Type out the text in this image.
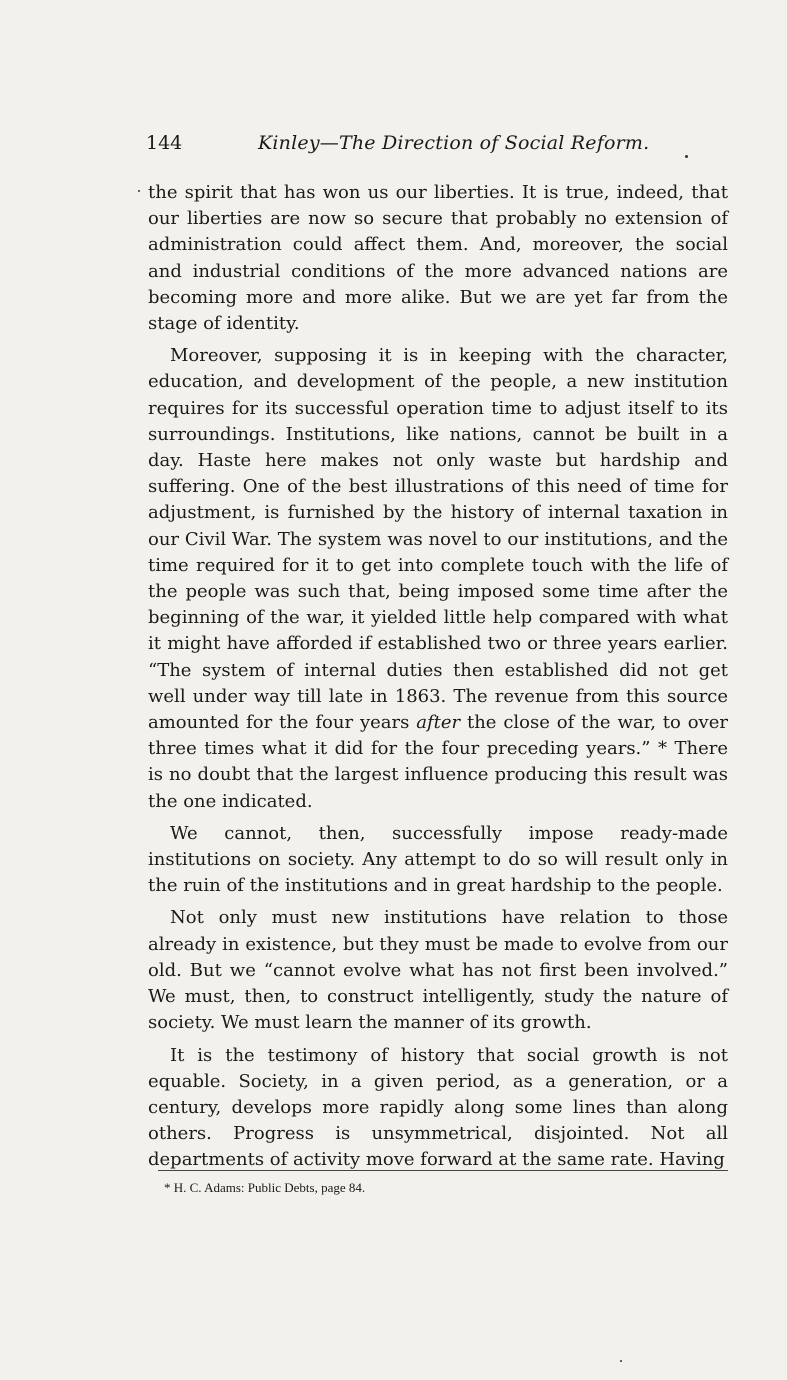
144	Kinley—The Direction of Social Reform.

the spirit that has won us our liberties. It is true, indeed, that our liberties are now so secure that probably no extension of administration could affect them. And, moreover, the social and industrial conditions of the more advanced nations are becoming more and more alike. But we are yet far from the stage of identity.

Moreover, supposing it is in keeping with the character, education, and development of the people, a new institution requires for its successful operation time to adjust itself to its surroundings. Institutions, like nations, cannot be built in a day. Haste here makes not only waste but hardship and suffering. One of the best illustrations of this need of time for adjustment, is furnished by the history of internal taxation in our Civil War. The system was novel to our institutions, and the time required for it to get into complete touch with the life of the people was such that, being imposed some time after the beginning of the war, it yielded little help compared with what it might have afforded if established two or three years earlier. “The system of internal duties then established did not get well under way till late in 1863. The revenue from this source amounted for the four years after the close of the war, to over three times what it did for the four preceding years.” * There is no doubt that the largest influence producing this result was the one indicated.

We cannot, then, successfully impose ready-made institutions on society. Any attempt to do so will result only in the ruin of the institutions and in great hardship to the people.

Not only must new institutions have relation to those already in existence, but they must be made to evolve from our old. But we “cannot evolve what has not first been involved.” We must, then, to construct intelligently, study the nature of society. We must learn the manner of its growth.

It is the testimony of history that social growth is not equable. Society, in a given period, as a generation, or a century, develops more rapidly along some lines than along others. Progress is unsymmetrical, disjointed. Not all departments of activity move forward at the same rate. Having

* H. C. Adams: Public Debts, page 84.
